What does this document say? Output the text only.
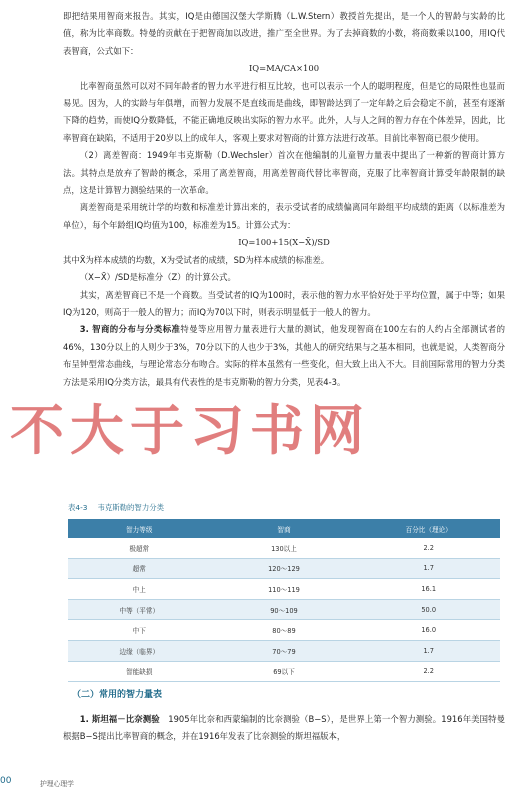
即把结果用智商来报告。其实，IQ是由德国汉堡大学斯腾（L.W.Stern）教授首先提出，是一个人的智龄与实龄的比值，称为比率商数。特曼的贡献在于把智商加以改进，推广至全世界。为了去掉商数的小数，将商数乘以100，用IQ代表智商，公式如下：

IQ=MA/CA×100

比率智商虽然可以对不同年龄者的智力水平进行相互比较，也可以表示一个人的聪明程度，但是它的局限性也显而易见。因为，人的实龄与年俱增，而智力发展不是直线而是曲线，即智龄达到了一定年龄之后会稳定不前，甚至有逐渐下降的趋势，而使IQ分数降低，不能正确地反映出实际的智力水平。此外，人与人之间的智力存在个体差异，因此，比率智商在缺陷，不适用于20岁以上的成年人，客观上要求对智商的计算方法进行改革。目前比率智商已很少使用。

（2）离差智商：1949年韦克斯勒（D.Wechsler）首次在他编制的儿童智力量表中提出了一种新的智商计算方法。其特点是放弃了智龄的概念，采用了离差智商，用离差智商代替比率智商，克服了比率智商计算受年龄限制的缺点，这是计算智力测验结果的一次革命。

离差智商是采用统计学的均数和标准差计算出来的，表示受试者的成绩偏离同年龄组平均成绩的距离（以标准差为单位），每个年龄组IQ均值为100，标准差为15。计算公式为：

IQ=100+15(X−X̄)/SD

其中X̄为样本成绩的均数，X为受试者的成绩，SD为样本成绩的标准差。

（X−X̄）/SD是标准分（Z）的计算公式。

其实，离差智商已不是一个商数。当受试者的IQ为100时，表示他的智力水平恰好处于平均位置，属于中等；如果IQ为120，则高于一般人的智力；而IQ为70以下时，则表示明显低于一般人的智力。

3. 智商的分布与分类标准特曼等应用智力量表进行大量的测试，他发现智商在100左右的人约占全部测试者的46%，130分以上的人则少于3%，70分以下的人也少于3%，其他人的研究结果与之基本相同，也就是说，人类智商分布呈钟型常态曲线，与理论常态分布吻合。实际的样本虽然有一些变化，但大致上出入不大。目前国际常用的智力分类方法是采用IQ分类方法，最具有代表性的是韦克斯勒的智力分类，见表4-3。

不大于习书网
表4-3 韦克斯勒的智力分类
智力等级	智商	百分比（理论）
极超常	130以上	2.2
超常	120～129	1.7
中上	110～119	16.1
中等（平常）	90～109	50.0
中下	80～89	16.0
边缘（临界）	70～79	1.7
智能缺损	69以下	2.2
（二）常用的智力量表

1. 斯坦福－比奈测验　 1905年比奈和西蒙编制的比奈测验（B−S），是世界上第一个智力测验。1916年美国特曼根据B−S提出比率智商的概念，并在1916年发表了比奈测验的斯坦福版本，

00	护理心理学
